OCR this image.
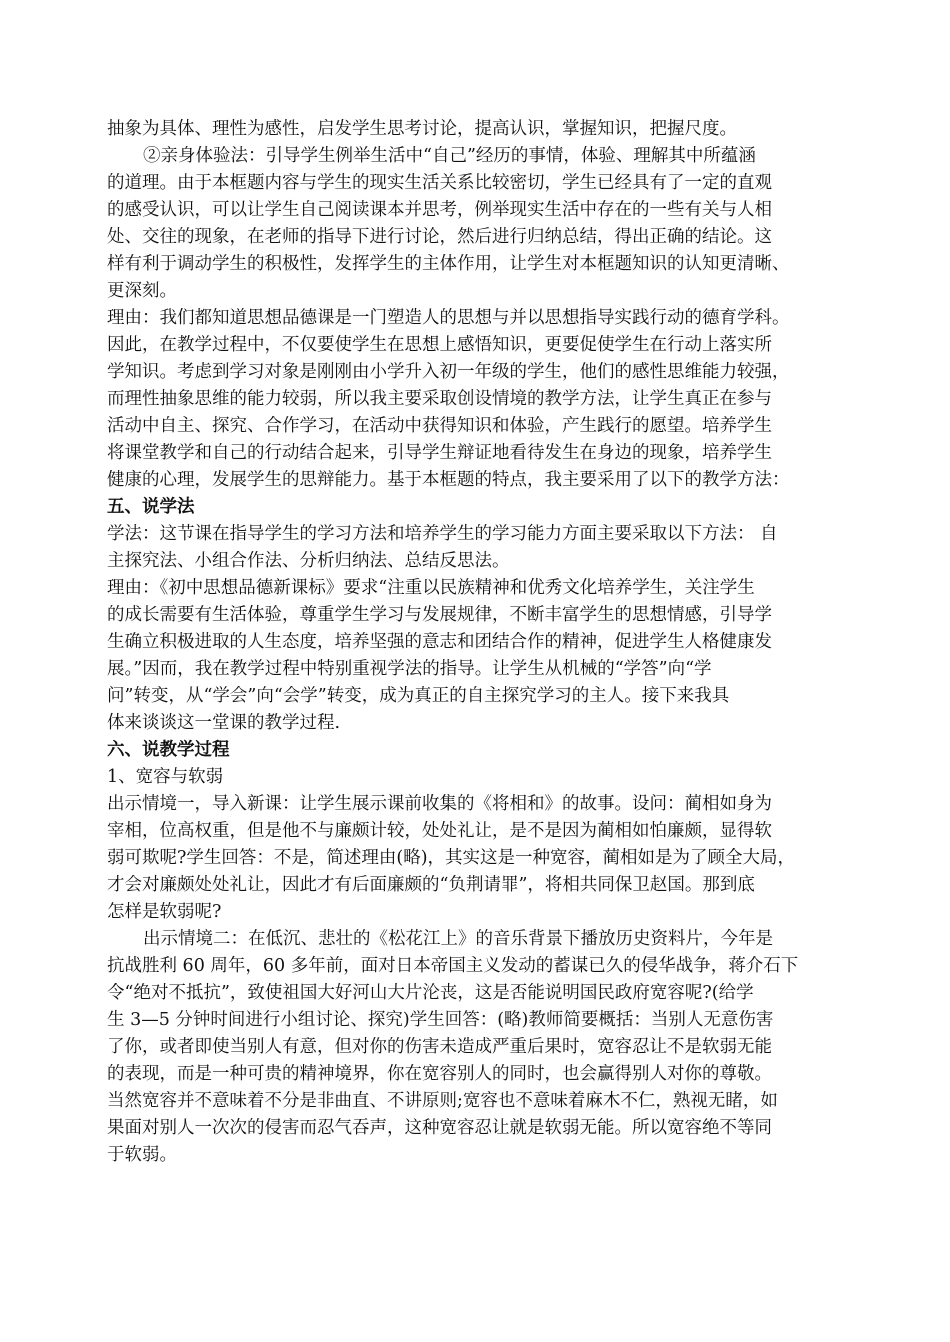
抽象为具体、理性为感性，启发学生思考讨论，提高认识，掌握知识，把握尺度。
②亲身体验法：引导学生例举生活中“自己”经历的事情，体验、理解其中所蕴涵
的道理。由于本框题内容与学生的现实生活关系比较密切，学生已经具有了一定的直观
的感受认识，可以让学生自己阅读课本并思考，例举现实生活中存在的一些有关与人相
处、交往的现象，在老师的指导下进行讨论，然后进行归纳总结，得出正确的结论。这
样有利于调动学生的积极性，发挥学生的主体作用，让学生对本框题知识的认知更清晰、
更深刻。
理由：我们都知道思想品德课是一门塑造人的思想与并以思想指导实践行动的德育学科。
因此，在教学过程中，不仅要使学生在思想上感悟知识，更要促使学生在行动上落实所
学知识。考虑到学习对象是刚刚由小学升入初一年级的学生，他们的感性思维能力较强，
而理性抽象思维的能力较弱，所以我主要采取创设情境的教学方法，让学生真正在参与
活动中自主、探究、合作学习，在活动中获得知识和体验，产生践行的愿望。培养学生
将课堂教学和自己的行动结合起来，引导学生辩证地看待发生在身边的现象，培养学生
健康的心理，发展学生的思辩能力。基于本框题的特点，我主要采用了以下的教学方法：
五、说学法
学法：这节课在指导学生的学习方法和培养学生的学习能力方面主要采取以下方法： 自
主探究法、小组合作法、分析归纳法、总结反思法。
理由：《初中思想品德新课标》要求“注重以民族精神和优秀文化培养学生，关注学生
的成长需要有生活体验，尊重学生学习与发展规律，不断丰富学生的思想情感，引导学
生确立积极进取的人生态度，培养坚强的意志和团结合作的精神，促进学生人格健康发
展。”因而，我在教学过程中特别重视学法的指导。让学生从机械的“学答”向“学
问”转变，从“学会”向“会学”转变，成为真正的自主探究学习的主人。接下来我具
体来谈谈这一堂课的教学过程.
六、说教学过程
1、宽容与软弱
出示情境一，导入新课：让学生展示课前收集的《将相和》的故事。设问：蔺相如身为
宰相，位高权重，但是他不与廉颇计较，处处礼让，是不是因为蔺相如怕廉颇，显得软
弱可欺呢?学生回答：不是，简述理由(略)，其实这是一种宽容，蔺相如是为了顾全大局，
才会对廉颇处处礼让，因此才有后面廉颇的“负荆请罪”，将相共同保卫赵国。那到底
怎样是软弱呢?
出示情境二：在低沉、悲壮的《松花江上》的音乐背景下播放历史资料片，今年是
抗战胜利 60 周年，60 多年前，面对日本帝国主义发动的蓄谋已久的侵华战争，蒋介石下
令“绝对不抵抗”，致使祖国大好河山大片沦丧，这是否能说明国民政府宽容呢?(给学
生 3—5 分钟时间进行小组讨论、探究)学生回答：(略)教师简要概括：当别人无意伤害
了你，或者即使当别人有意，但对你的伤害未造成严重后果时，宽容忍让不是软弱无能
的表现，而是一种可贵的精神境界，你在宽容别人的同时，也会赢得别人对你的尊敬。
当然宽容并不意味着不分是非曲直、不讲原则;宽容也不意味着麻木不仁，熟视无睹，如
果面对别人一次次的侵害而忍气吞声，这种宽容忍让就是软弱无能。所以宽容绝不等同
于软弱。
